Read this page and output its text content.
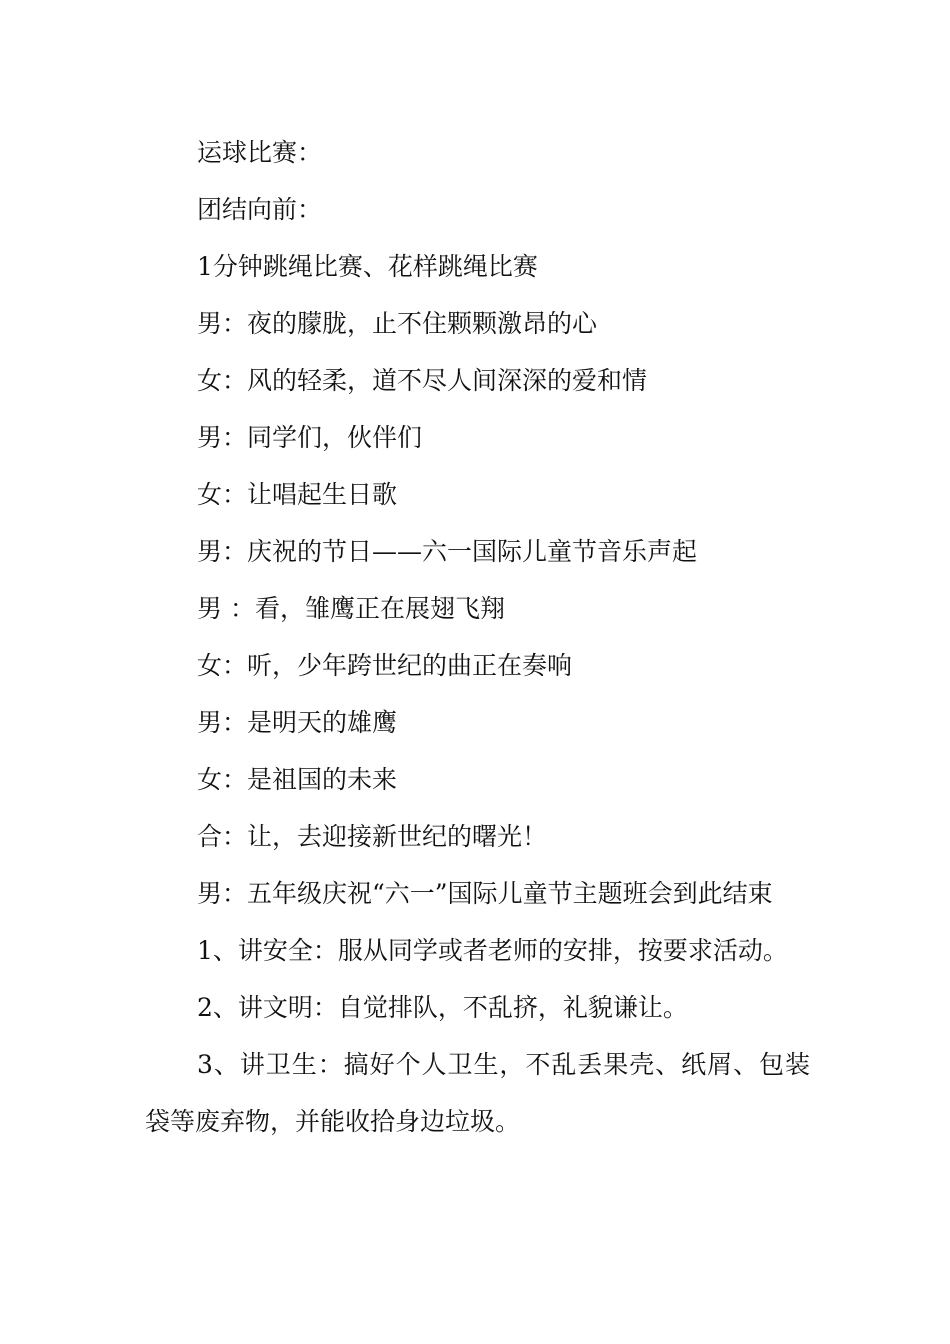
运球比赛：

团结向前：

1分钟跳绳比赛、花样跳绳比赛

男：夜的朦胧，止不住颗颗激昂的心

女：风的轻柔，道不尽人间深深的爱和情

男：同学们，伙伴们

女：让唱起生日歌

男：庆祝的节日——六一国际儿童节音乐声起

男 ：看，雏鹰正在展翅飞翔

女：听，少年跨世纪的曲正在奏响

男：是明天的雄鹰

女：是祖国的未来

合：让，去迎接新世纪的曙光！

男：五年级庆祝“六一”国际儿童节主题班会到此结束

1、讲安全：服从同学或者老师的安排，按要求活动。

2、讲文明：自觉排队，不乱挤，礼貌谦让。

3、讲卫生：搞好个人卫生，不乱丢果壳、纸屑、包装袋等废弃物，并能收拾身边垃圾。
